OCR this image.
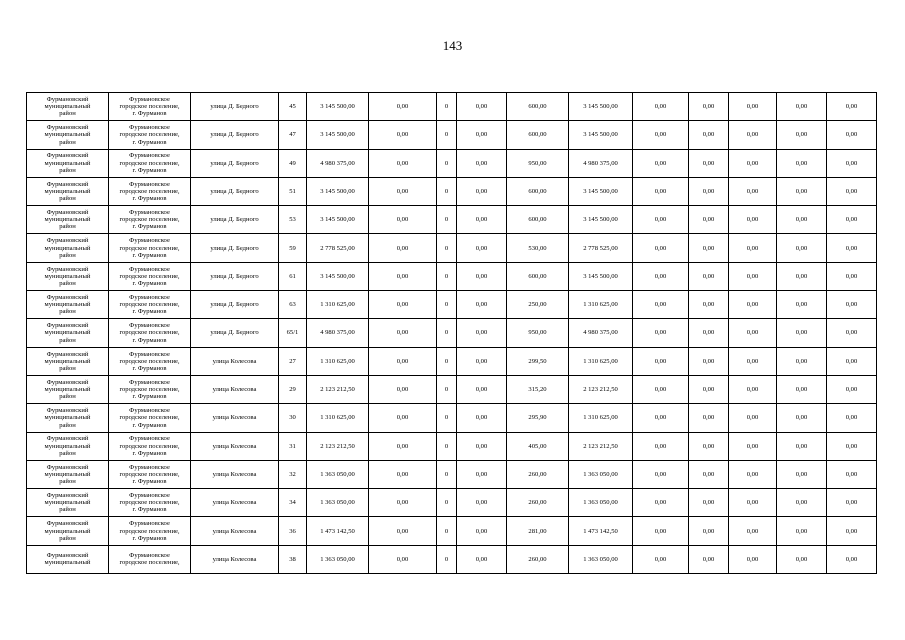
143
Фурмановский
муниципальный
район	Фурмановское
городское поселение,
г. Фурманов	улица Д. Бедного	45	3 145 500,00	0,00	0	0,00	600,00	3 145 500,00	0,00	0,00	0,00	0,00	0,00

Фурмановский
муниципальный
район	Фурмановское
городское поселение,
г. Фурманов	улица Д. Бедного	47	3 145 500,00	0,00	0	0,00	600,00	3 145 500,00	0,00	0,00	0,00	0,00	0,00

Фурмановский
муниципальный
район	Фурмановское
городское поселение,
г. Фурманов	улица Д. Бедного	49	4 980 375,00	0,00	0	0,00	950,00	4 980 375,00	0,00	0,00	0,00	0,00	0,00

Фурмановский
муниципальный
район	Фурмановское
городское поселение,
г. Фурманов	улица Д. Бедного	51	3 145 500,00	0,00	0	0,00	600,00	3 145 500,00	0,00	0,00	0,00	0,00	0,00

Фурмановский
муниципальный
район	Фурмановское
городское поселение,
г. Фурманов	улица Д. Бедного	53	3 145 500,00	0,00	0	0,00	600,00	3 145 500,00	0,00	0,00	0,00	0,00	0,00

Фурмановский
муниципальный
район	Фурмановское
городское поселение,
г. Фурманов	улица Д. Бедного	59	2 778 525,00	0,00	0	0,00	530,00	2 778 525,00	0,00	0,00	0,00	0,00	0,00

Фурмановский
муниципальный
район	Фурмановское
городское поселение,
г. Фурманов	улица Д. Бедного	61	3 145 500,00	0,00	0	0,00	600,00	3 145 500,00	0,00	0,00	0,00	0,00	0,00

Фурмановский
муниципальный
район	Фурмановское
городское поселение,
г. Фурманов	улица Д. Бедного	63	1 310 625,00	0,00	0	0,00	250,00	1 310 625,00	0,00	0,00	0,00	0,00	0,00

Фурмановский
муниципальный
район	Фурмановское
городское поселение,
г. Фурманов	улица Д. Бедного	65/1	4 980 375,00	0,00	0	0,00	950,00	4 980 375,00	0,00	0,00	0,00	0,00	0,00

Фурмановский
муниципальный
район	Фурмановское
городское поселение,
г. Фурманов	улица Колесова	27	1 310 625,00	0,00	0	0,00	299,50	1 310 625,00	0,00	0,00	0,00	0,00	0,00

Фурмановский
муниципальный
район	Фурмановское
городское поселение,
г. Фурманов	улица Колесова	29	2 123 212,50	0,00	0	0,00	315,20	2 123 212,50	0,00	0,00	0,00	0,00	0,00

Фурмановский
муниципальный
район	Фурмановское
городское поселение,
г. Фурманов	улица Колесова	30	1 310 625,00	0,00	0	0,00	295,90	1 310 625,00	0,00	0,00	0,00	0,00	0,00

Фурмановский
муниципальный
район	Фурмановское
городское поселение,
г. Фурманов	улица Колесова	31	2 123 212,50	0,00	0	0,00	405,00	2 123 212,50	0,00	0,00	0,00	0,00	0,00

Фурмановский
муниципальный
район	Фурмановское
городское поселение,
г. Фурманов	улица Колесова	32	1 363 050,00	0,00	0	0,00	260,00	1 363 050,00	0,00	0,00	0,00	0,00	0,00

Фурмановский
муниципальный
район	Фурмановское
городское поселение,
г. Фурманов	улица Колесова	34	1 363 050,00	0,00	0	0,00	260,00	1 363 050,00	0,00	0,00	0,00	0,00	0,00

Фурмановский
муниципальный
район	Фурмановское
городское поселение,
г. Фурманов	улица Колесова	36	1 473 142,50	0,00	0	0,00	281,00	1 473 142,50	0,00	0,00	0,00	0,00	0,00

Фурмановский
муниципальный	Фурмановское
городское поселение,	улица Колесова	38	1 363 050,00	0,00	0	0,00	260,00	1 363 050,00	0,00	0,00	0,00	0,00	0,00
